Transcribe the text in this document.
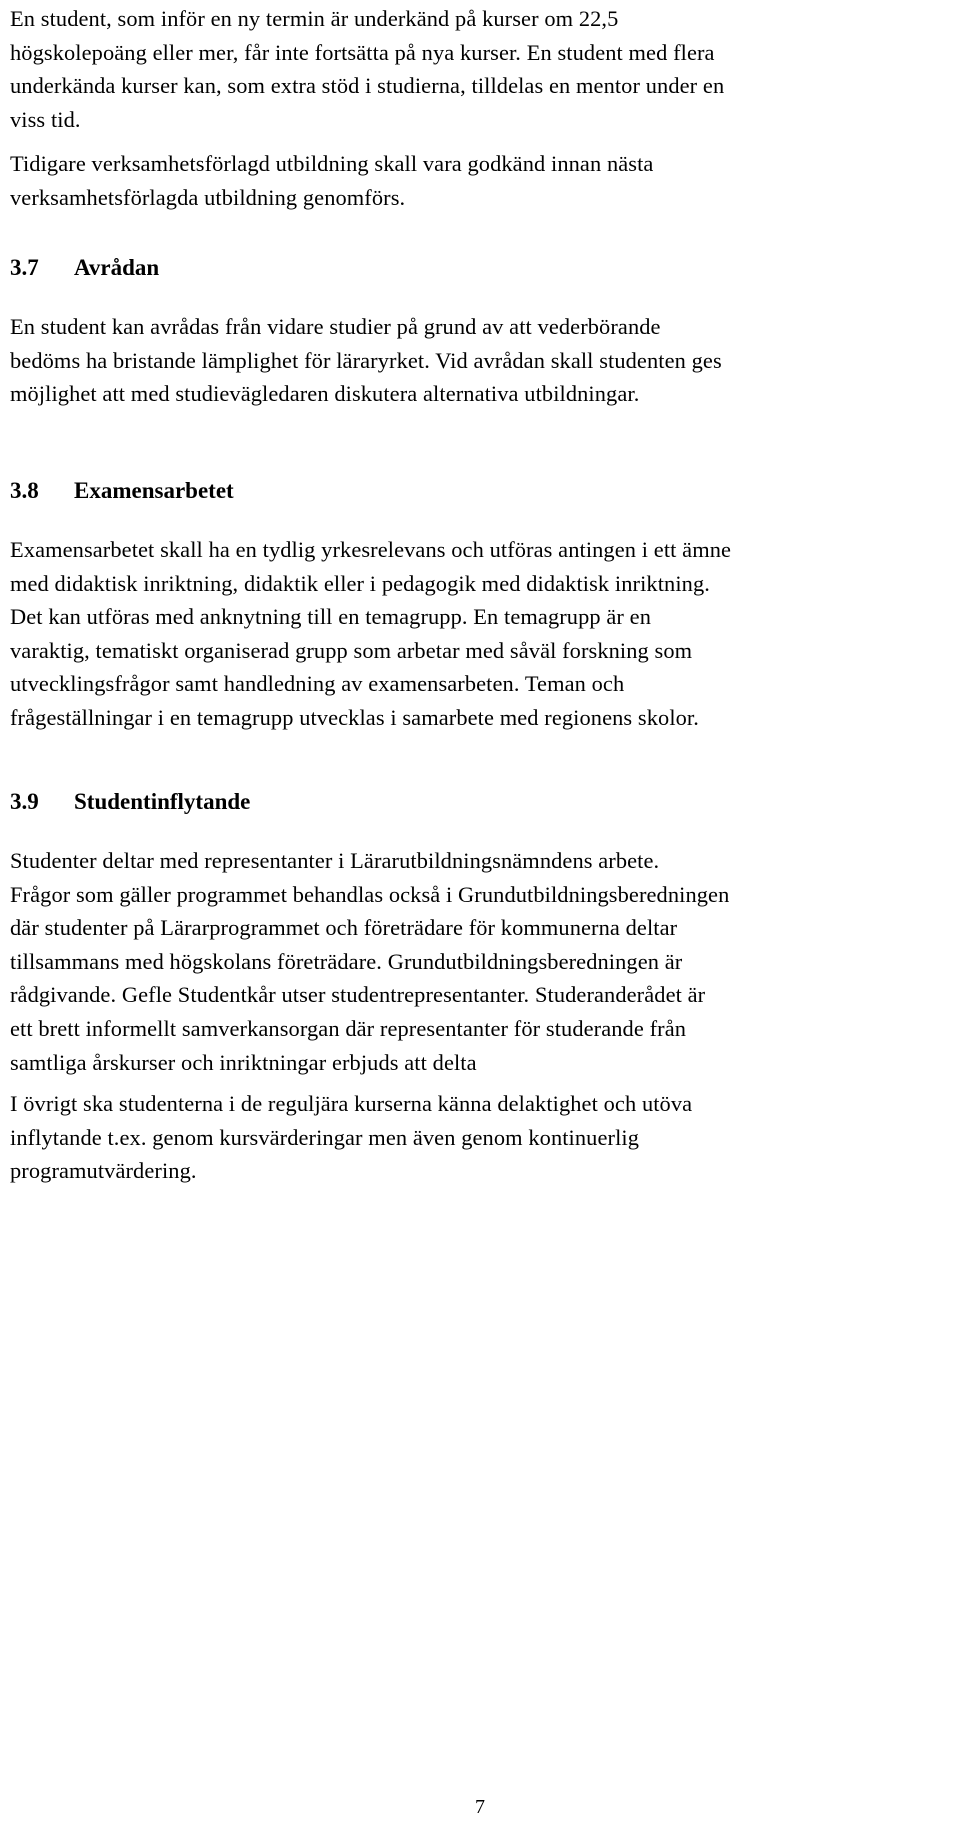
En student, som inför en ny termin är underkänd på kurser om 22,5
högskolepoäng eller mer, får inte fortsätta på nya kurser. En student med flera
underkända kurser kan, som extra stöd i studierna, tilldelas en mentor under en
viss tid.

Tidigare verksamhetsförlagd utbildning skall vara godkänd innan nästa
verksamhetsförlagda utbildning genomförs.

3.7 Avrådan

En student kan avrådas från vidare studier på grund av att vederbörande
bedöms ha bristande lämplighet för läraryrket. Vid avrådan skall studenten ges
möjlighet att med studievägledaren diskutera alternativa utbildningar.

3.8 Examensarbetet

Examensarbetet skall ha en tydlig yrkesrelevans och utföras antingen i ett ämne
med didaktisk inriktning, didaktik eller i pedagogik med didaktisk inriktning.
Det kan utföras med anknytning till en temagrupp. En temagrupp är en
varaktig, tematiskt organiserad grupp som arbetar med såväl forskning som
utvecklingsfrågor samt handledning av examensarbeten. Teman och
frågeställningar i en temagrupp utvecklas i samarbete med regionens skolor.

3.9 Studentinflytande

Studenter deltar med representanter i Lärarutbildningsnämndens arbete.
Frågor som gäller programmet behandlas också i Grundutbildningsberedningen
där studenter på Lärarprogrammet och företrädare för kommunerna deltar
tillsammans med högskolans företrädare. Grundutbildningsberedningen är
rådgivande. Gefle Studentkår utser studentrepresentanter. Studeranderådet är
ett brett informellt samverkansorgan där representanter för studerande från
samtliga årskurser och inriktningar erbjuds att delta

I övrigt ska studenterna i de reguljära kurserna känna delaktighet och utöva
inflytande t.ex. genom kursvärderingar men även genom kontinuerlig
programutvärdering.

7
